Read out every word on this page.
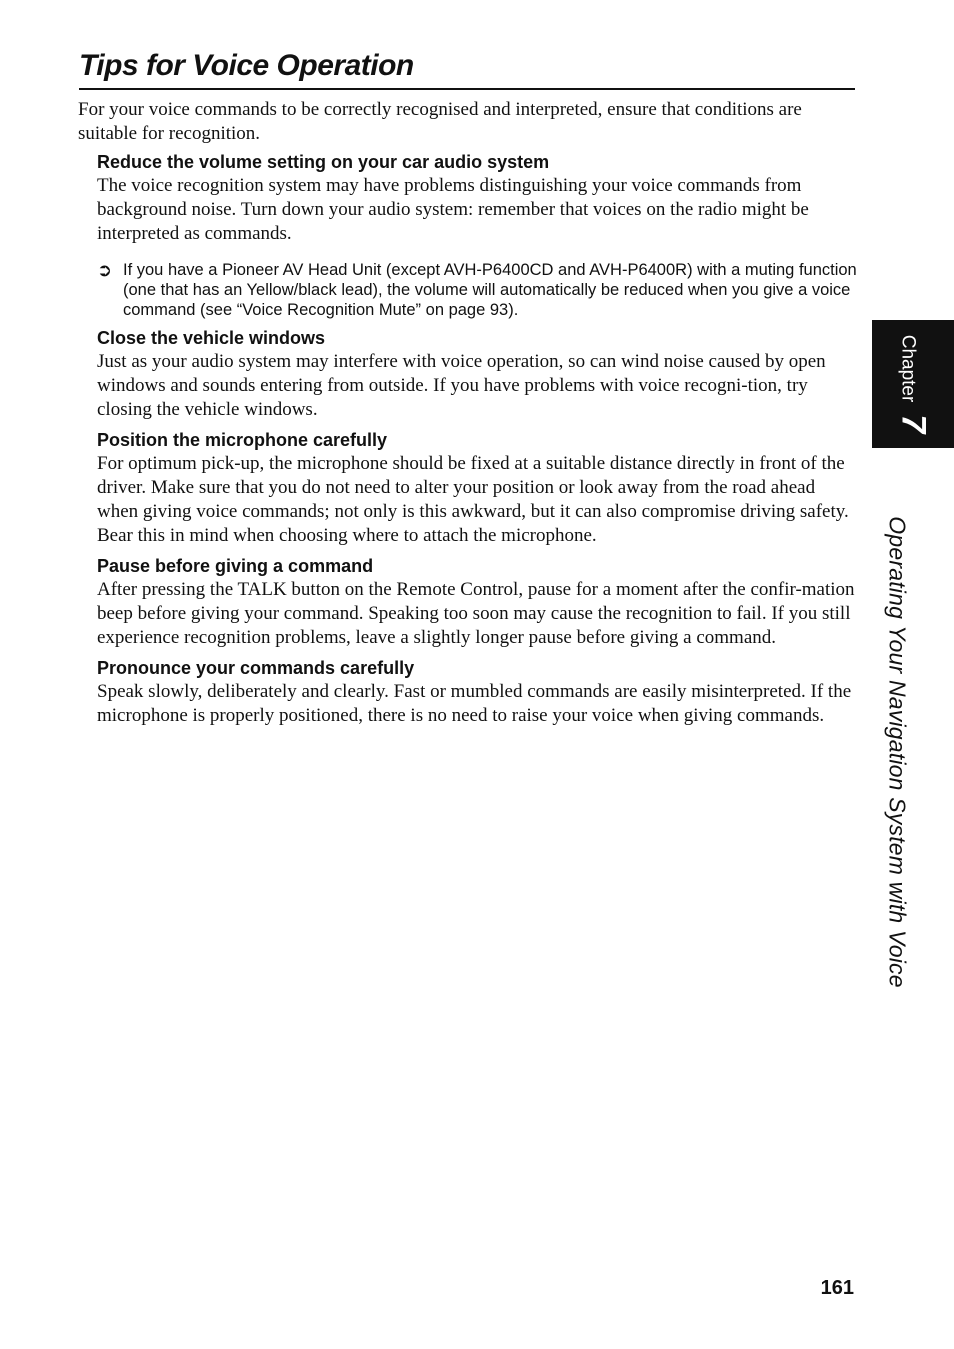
Tips for Voice Operation

For your voice commands to be correctly recognised and interpreted, ensure that conditions are suitable for recognition.

Reduce the volume setting on your car audio system

The voice recognition system may have problems distinguishing your voice commands from background noise. Turn down your audio system: remember that voices on the radio might be interpreted as commands.

➲ If you have a Pioneer AV Head Unit (except AVH-P6400CD and AVH-P6400R) with a muting function (one that has an Yellow/black lead), the volume will automatically be reduced when you give a voice command (see “Voice Recognition Mute” on page 93).
Close the vehicle windows

Just as your audio system may interfere with voice operation, so can wind noise caused by open windows and sounds entering from outside. If you have problems with voice recogni-tion, try closing the vehicle windows.

Position the microphone carefully

For optimum pick-up, the microphone should be fixed at a suitable distance directly in front of the driver. Make sure that you do not need to alter your position or look away from the road ahead when giving voice commands; not only is this awkward, but it can also compromise driving safety. Bear this in mind when choosing where to attach the microphone.

Pause before giving a command

After pressing the TALK button on the Remote Control, pause for a moment after the confir-mation beep before giving your command. Speaking too soon may cause the recognition to fail. If you still experience recognition problems, leave a slightly longer pause before giving a command.

Pronounce your commands carefully

Speak slowly, deliberately and clearly. Fast or mumbled commands are easily misinterpreted. If the microphone is properly positioned, there is no need to raise your voice when giving commands.

Chapter
7
Operating Your Navigation System with Voice
161
